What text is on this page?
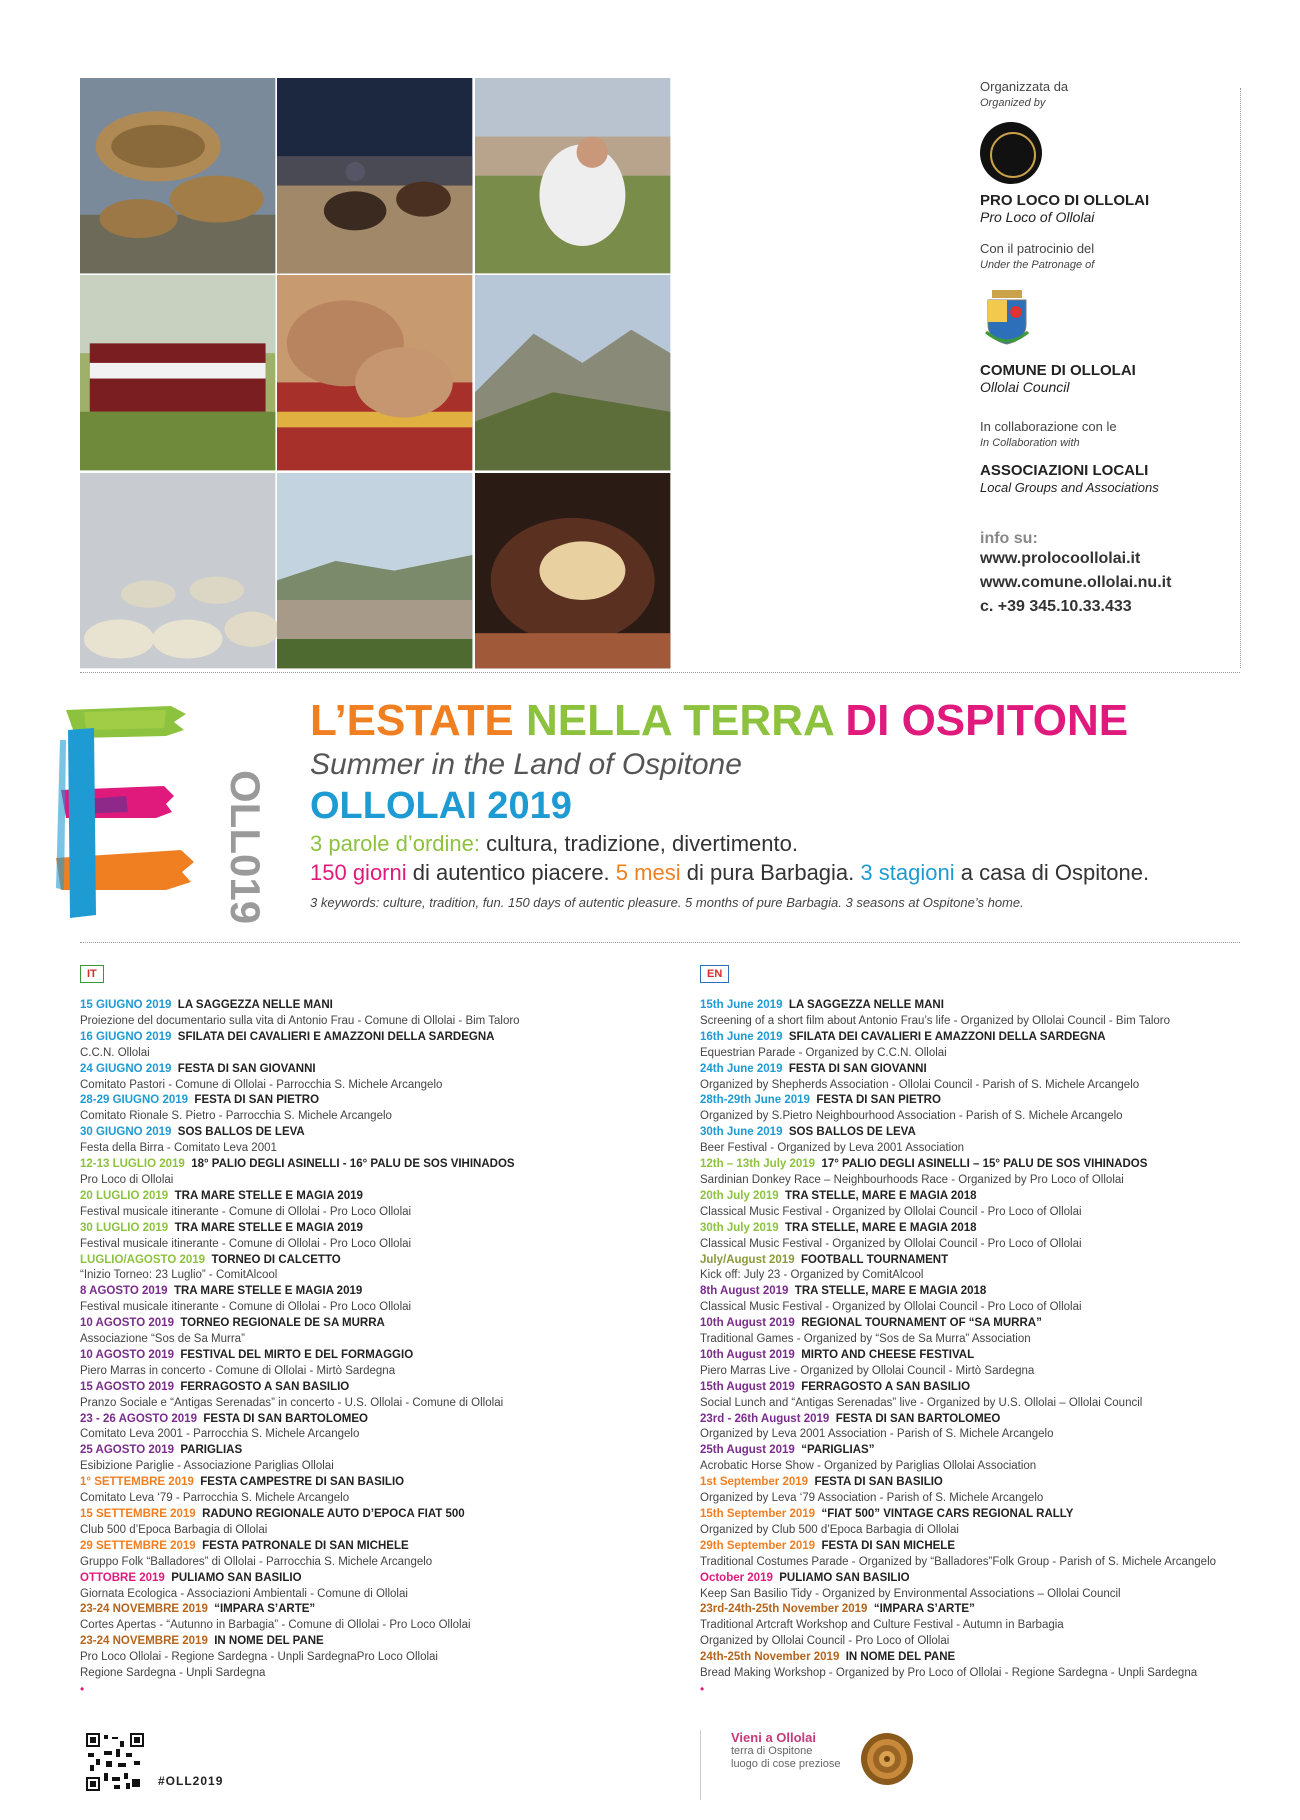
Organizzata da
Organized by
PRO LOCO DI OLLOLAI
Pro Loco of Ollolai
Con il patrocinio del
Under the Patronage of
COMUNE DI OLLOLAI
Ollolai Council
In collaborazione con le
In Collaboration with
ASSOCIAZIONI LOCALI
Local Groups and Associations
info su:
www.prolocoollolai.it
www.comune.ollolai.nu.it
c. +39 345.10.33.433
OLL019
L’ESTATE NELLA TERRA DI OSPITONE
Summer in the Land of Ospitone
OLLOLAI 2019
3 parole d’ordine: cultura, tradizione, divertimento.
150 giorni di autentico piacere. 5 mesi di pura Barbagia. 3 stagioni a casa di Ospitone.
3 keywords: culture, tradition, fun. 150 days of autentic pleasure. 5 months of pure Barbagia. 3 seasons at Ospitone’s home.
IT	EN
15 GIUGNO 2019 LA SAGGEZZA NELLE MANI
Proiezione del documentario sulla vita di Antonio Frau - Comune di Ollolai - Bim Taloro
16 GIUGNO 2019 SFILATA DEI CAVALIERI E AMAZZONI DELLA SARDEGNA
C.C.N. Ollolai
24 GIUGNO 2019 FESTA DI SAN GIOVANNI
Comitato Pastori - Comune di Ollolai - Parrocchia S. Michele Arcangelo
28-29 GIUGNO 2019 FESTA DI SAN PIETRO
Comitato Rionale S. Pietro - Parrocchia S. Michele Arcangelo
30 GIUGNO 2019 SOS BALLOS DE LEVA
Festa della Birra - Comitato Leva 2001
12-13 LUGLIO 2019 18° PALIO DEGLI ASINELLI - 16° PALU DE SOS VIHINADOS
Pro Loco di Ollolai
20 LUGLIO 2019 TRA MARE STELLE E MAGIA 2019
Festival musicale itinerante - Comune di Ollolai - Pro Loco Ollolai
30 LUGLIO 2019 TRA MARE STELLE E MAGIA 2019
Festival musicale itinerante - Comune di Ollolai - Pro Loco Ollolai
LUGLIO/AGOSTO 2019 TORNEO DI CALCETTO
“Inizio Torneo: 23 Luglio” - ComitAlcool
8 AGOSTO 2019 TRA MARE STELLE E MAGIA 2019
Festival musicale itinerante - Comune di Ollolai - Pro Loco Ollolai
10 AGOSTO 2019 TORNEO REGIONALE DE SA MURRA
Associazione “Sos de Sa Murra”
10 AGOSTO 2019 FESTIVAL DEL MIRTO E DEL FORMAGGIO
Piero Marras in concerto - Comune di Ollolai - Mirtò Sardegna
15 AGOSTO 2019 FERRAGOSTO A SAN BASILIO
Pranzo Sociale e “Antigas Serenadas” in concerto - U.S. Ollolai - Comune di Ollolai
23 - 26 AGOSTO 2019 FESTA DI SAN BARTOLOMEO
Comitato Leva 2001 - Parrocchia S. Michele Arcangelo
25 AGOSTO 2019 PARIGLIAS
Esibizione Pariglie - Associazione Pariglias Ollolai
1° SETTEMBRE 2019 FESTA CAMPESTRE DI SAN BASILIO
Comitato Leva ‘79 - Parrocchia S. Michele Arcangelo
15 SETTEMBRE 2019 RADUNO REGIONALE AUTO D’EPOCA FIAT 500
Club 500 d’Epoca Barbagia di Ollolai
29 SETTEMBRE 2019 FESTA PATRONALE DI SAN MICHELE
Gruppo Folk “Balladores” di Ollolai - Parrocchia S. Michele Arcangelo
OTTOBRE 2019 PULIAMO SAN BASILIO
Giornata Ecologica - Associazioni Ambientali - Comune di Ollolai
23-24 NOVEMBRE 2019 “IMPARA S’ARTE”
Cortes Apertas - “Autunno in Barbagia” - Comune di Ollolai - Pro Loco Ollolai
23-24 NOVEMBRE 2019 IN NOME DEL PANE
Pro Loco Ollolai - Regione Sardegna - Unpli SardegnaPro Loco Ollolai
Regione Sardegna - Unpli Sardegna
•
15th June 2019 LA SAGGEZZA NELLE MANI
Screening of a short film about Antonio Frau’s life - Organized by Ollolai Council - Bim Taloro
16th June 2019 SFILATA DEI CAVALIERI E AMAZZONI DELLA SARDEGNA
Equestrian Parade - Organized by C.C.N. Ollolai
24th June 2019 FESTA DI SAN GIOVANNI
Organized by Shepherds Association - Ollolai Council - Parish of S. Michele Arcangelo
28th-29th June 2019 FESTA DI SAN PIETRO
Organized by S.Pietro Neighbourhood Association - Parish of S. Michele Arcangelo
30th June 2019 SOS BALLOS DE LEVA
Beer Festival - Organized by Leva 2001 Association
12th – 13th July 2019 17° PALIO DEGLI ASINELLI – 15° PALU DE SOS VIHINADOS
Sardinian Donkey Race – Neighbourhoods Race - Organized by Pro Loco of Ollolai
20th July 2019 TRA STELLE, MARE E MAGIA 2018
Classical Music Festival - Organized by Ollolai Council - Pro Loco of Ollolai
30th July 2019 TRA STELLE, MARE E MAGIA 2018
Classical Music Festival - Organized by Ollolai Council - Pro Loco of Ollolai
July/August 2019 FOOTBALL TOURNAMENT
Kick off: July 23 - Organized by ComitAlcool
8th August 2019 TRA STELLE, MARE E MAGIA 2018
Classical Music Festival - Organized by Ollolai Council - Pro Loco of Ollolai
10th August 2019 REGIONAL TOURNAMENT OF “SA MURRA”
Traditional Games - Organized by “Sos de Sa Murra” Association
10th August 2019 MIRTO AND CHEESE FESTIVAL
Piero Marras Live - Organized by Ollolai Council - Mirtò Sardegna
15th August 2019 FERRAGOSTO A SAN BASILIO
Social Lunch and “Antigas Serenadas” live - Organized by U.S. Ollolai – Ollolai Council
23rd - 26th August 2019 FESTA DI SAN BARTOLOMEO
Organized by Leva 2001 Association - Parish of S. Michele Arcangelo
25th August 2019 “PARIGLIAS”
Acrobatic Horse Show - Organized by Pariglias Ollolai Association
1st September 2019 FESTA DI SAN BASILIO
Organized by Leva ‘79 Association - Parish of S. Michele Arcangelo
15th September 2019 “FIAT 500” VINTAGE CARS REGIONAL RALLY
Organized by Club 500 d’Epoca Barbagia di Ollolai
29th September 2019 FESTA DI SAN MICHELE
Traditional Costumes Parade - Organized by “Balladores”Folk Group - Parish of S. Michele Arcangelo
October 2019 PULIAMO SAN BASILIO
Keep San Basilio Tidy - Organized by Environmental Associations – Ollolai Council
23rd-24th-25th November 2019 “IMPARA S’ARTE”
Traditional Artcraft Workshop and Culture Festival - Autumn in Barbagia
Organized by Ollolai Council - Pro Loco of Ollolai
24th-25th November 2019 IN NOME DEL PANE
Bread Making Workshop - Organized by Pro Loco of Ollolai - Regione Sardegna - Unpli Sardegna
•
#OLL2019
Vieni a Ollolai
terra di Ospitone
luogo di cose preziose
